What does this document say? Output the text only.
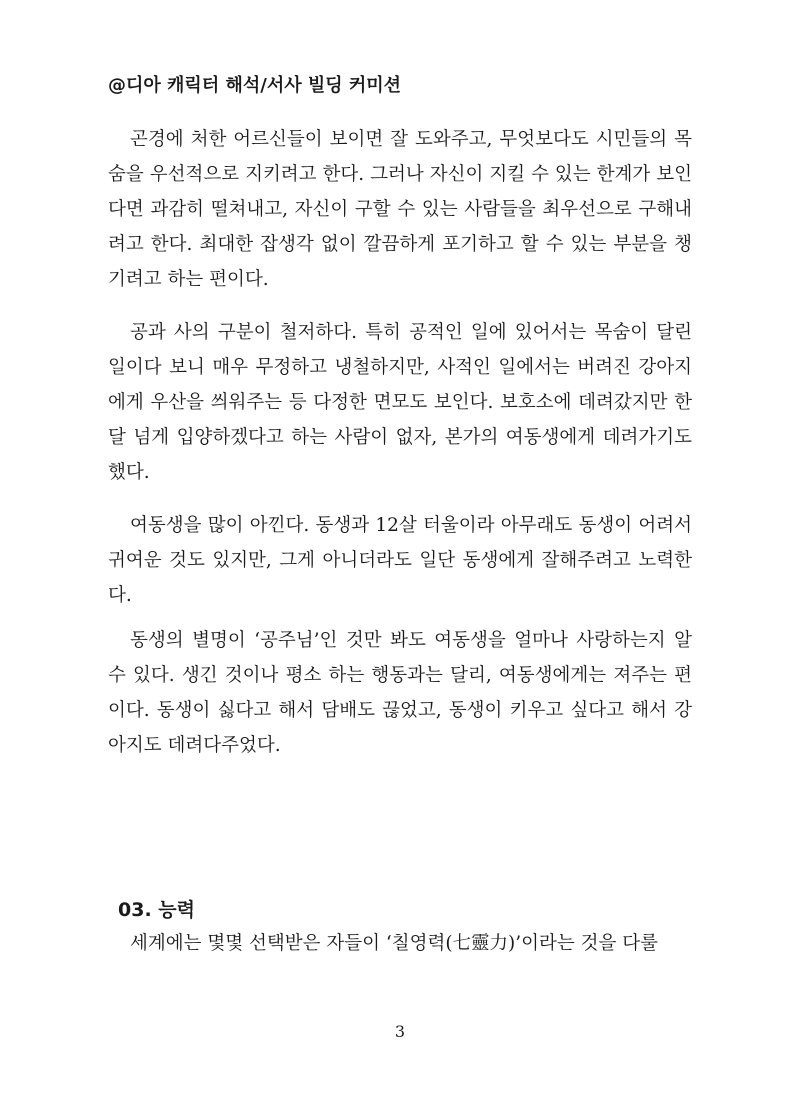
@디아 캐릭터 해석/서사 빌딩 커미션

곤경에 처한 어르신들이 보이면 잘 도와주고, 무엇보다도 시민들의 목숨을 우선적으로 지키려고 한다. 그러나 자신이 지킬 수 있는 한계가 보인다면 과감히 떨쳐내고, 자신이 구할 수 있는 사람들을 최우선으로 구해내려고 한다. 최대한 잡생각 없이 깔끔하게 포기하고 할 수 있는 부분을 챙기려고 하는 편이다.

공과 사의 구분이 철저하다. 특히 공적인 일에 있어서는 목숨이 달린 일이다 보니 매우 무정하고 냉철하지만, 사적인 일에서는 버려진 강아지에게 우산을 씌워주는 등 다정한 면모도 보인다. 보호소에 데려갔지만 한 달 넘게 입양하겠다고 하는 사람이 없자, 본가의 여동생에게 데려가기도 했다.

여동생을 많이 아낀다. 동생과 12살 터울이라 아무래도 동생이 어려서 귀여운 것도 있지만, 그게 아니더라도 일단 동생에게 잘해주려고 노력한다.

동생의 별명이 ‘공주님’인 것만 봐도 여동생을 얼마나 사랑하는지 알 수 있다. 생긴 것이나 평소 하는 행동과는 달리, 여동생에게는 져주는 편이다. 동생이 싫다고 해서 담배도 끊었고, 동생이 키우고 싶다고 해서 강아지도 데려다주었다.

03. 능력

세계에는 몇몇 선택받은 자들이 ‘칠영력(七靈力)’이라는 것을 다룰

3
